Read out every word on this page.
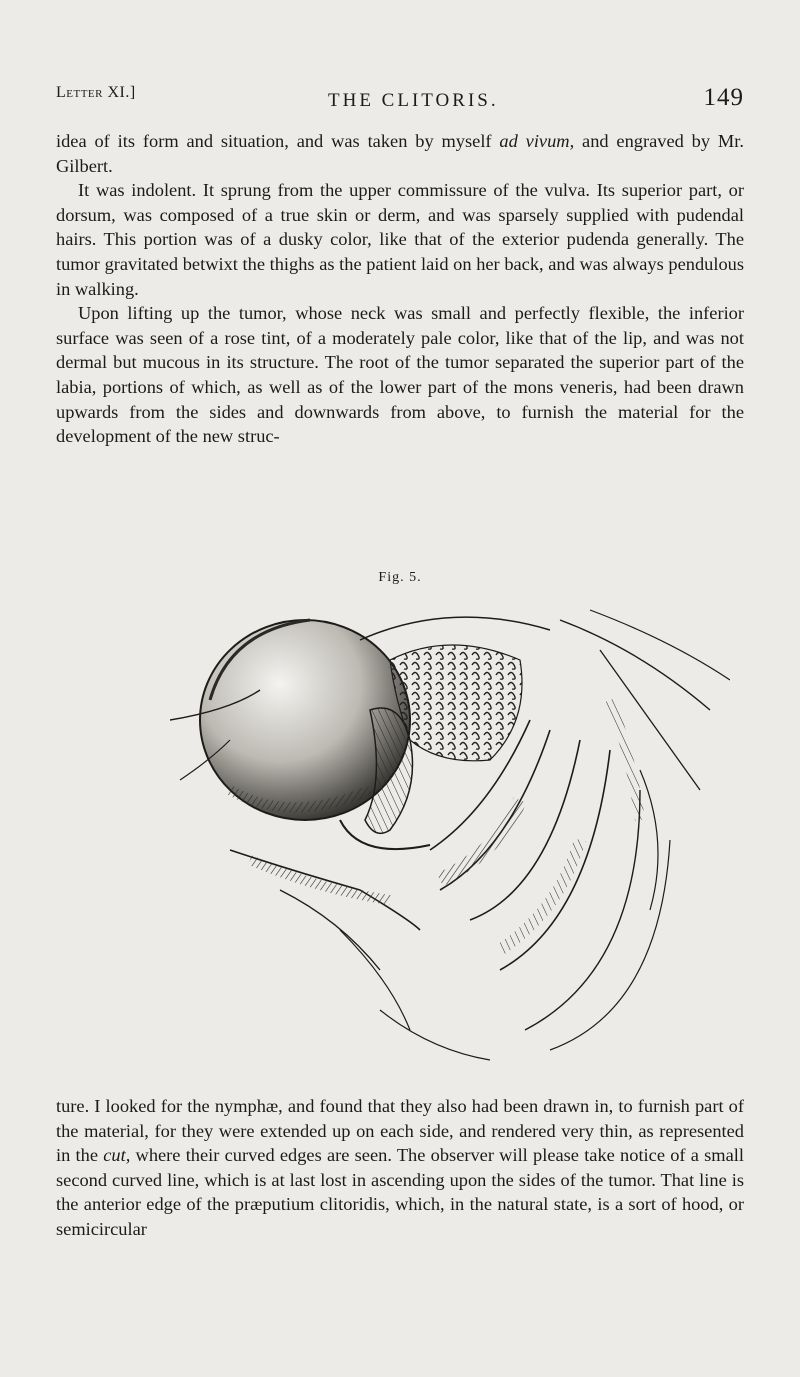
Letter XI.]	THE CLITORIS.	149

idea of its form and situation, and was taken by myself ad vivum, and engraved by Mr. Gilbert.

It was indolent. It sprung from the upper commissure of the vulva. Its superior part, or dorsum, was composed of a true skin or derm, and was sparsely supplied with pudendal hairs. This portion was of a dusky color, like that of the exterior pudenda generally. The tumor gravitated betwixt the thighs as the patient laid on her back, and was always pendulous in walking.

Upon lifting up the tumor, whose neck was small and perfectly flexible, the inferior surface was seen of a rose tint, of a moderately pale color, like that of the lip, and was not dermal but mucous in its structure. The root of the tumor separated the superior part of the labia, portions of which, as well as of the lower part of the mons veneris, had been drawn upwards from the sides and downwards from above, to furnish the material for the development of the new struc-

Fig. 5.

ture. I looked for the nymphæ, and found that they also had been drawn in, to furnish part of the material, for they were extended up on each side, and rendered very thin, as represented in the cut, where their curved edges are seen. The observer will please take notice of a small second curved line, which is at last lost in ascending upon the sides of the tumor. That line is the anterior edge of the præputium clitoridis, which, in the natural state, is a sort of hood, or semicircular
